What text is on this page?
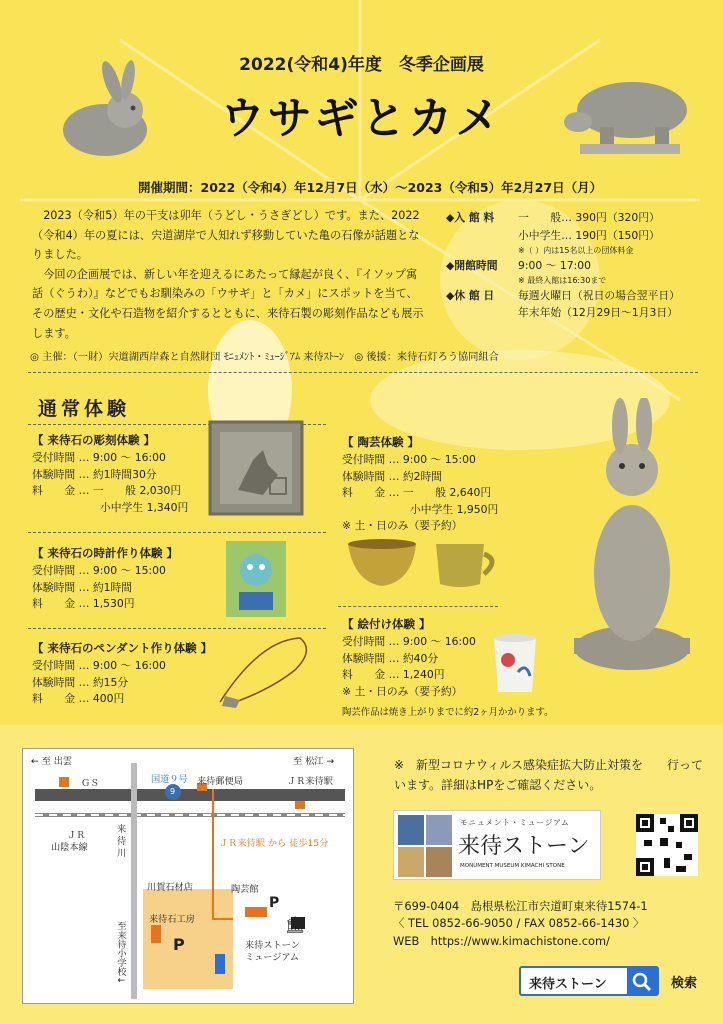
2022(令和4)年度　冬季企画展
ウサギとカメ
開催期間：2022（令和4）年12月7日（水）～2023（令和5）年2月27日（月）

2023（令和5）年の干支は卯年（うどし・うさぎどし）です。また、2022（令和4）年の夏には、宍道湖岸で人知れず移動していた亀の石像が話題となりました。

今回の企画展では、新しい年を迎えるにあたって縁起が良く、『イソップ寓話（ぐうわ）』などでもお馴染みの「ウサギ」と「カメ」にスポットを当て、その歴史・文化や石造物を紹介するとともに、来待石製の彫刻作品なども展示します。

◆入 館 料 一　　般… 390円（320円）
小中学生… 190円（150円）
※（ ）内は15名以上の団体料金
◆開館時間 9:00 ～ 17:00
※ 最終入館は16:30まで
◆休 館 日 毎週火曜日（祝日の場合翌平日）
年末年始（12月29日～1月3日）
◎ 主催：（一財）宍道湖西岸森と自然財団 ﾓﾆｭﾒﾝﾄ・ﾐｭｰｼﾞｱﾑ 来待ｽﾄｰﾝ　◎ 後援：来待石灯ろう協同組合
通常体験
【 来待石の彫刻体験 】
受付時間 … 9:00 ～ 16:00
体験時間 … 約1時間30分
料　　金 … 一　　般 2,030円
小中学生 1,340円
【 来待石の時計作り体験 】
受付時間 … 9:00 ～ 15:00
体験時間 … 約1時間
料　　金 … 1,530円
【 来待石のペンダント作り体験 】
受付時間 … 9:00 ～ 16:00
体験時間 … 約15分
料　　金 … 400円
【 陶芸体験 】
受付時間 … 9:00 ～ 15:00
体験時間 … 約2時間
料　　金 … 一　　般 2,640円
小中学生 1,950円
※ 土・日のみ（要予約）
【 絵付け体験 】
受付時間 … 9:00 ～ 16:00
体験時間 … 約40分
料　　金 … 1,240円
※ 土・日のみ（要予約）
陶芸作品は焼き上がりまでに約2ヶ月かかります。
← 至 出雲	至 松江 →
ＧＳ	国道９号
9
来待郵便局	ＪＲ来待駅
ＪＲ
山陰本線
来
待
川
ＪＲ来待駅 から 徒歩15分
川賀石材店	陶芸館
P
来待石工房
P	来待ストーン
ミュージアム
至来待小学校↓	🏛
※　新型コロナウィルス感染症拡大防止対策を　　行っています。詳細はHPをご確認ください。
モニュメント・ミュージアム
来待ストーン
MONUMENT MUSEUM KIMACHI STONE
〒699-0404　島根県松江市宍道町東来待1574-1
〈 TEL 0852-66-9050 / FAX 0852-66-1430 〉
WEB　https://www.kimachistone.com/
来待ストーン	検索
